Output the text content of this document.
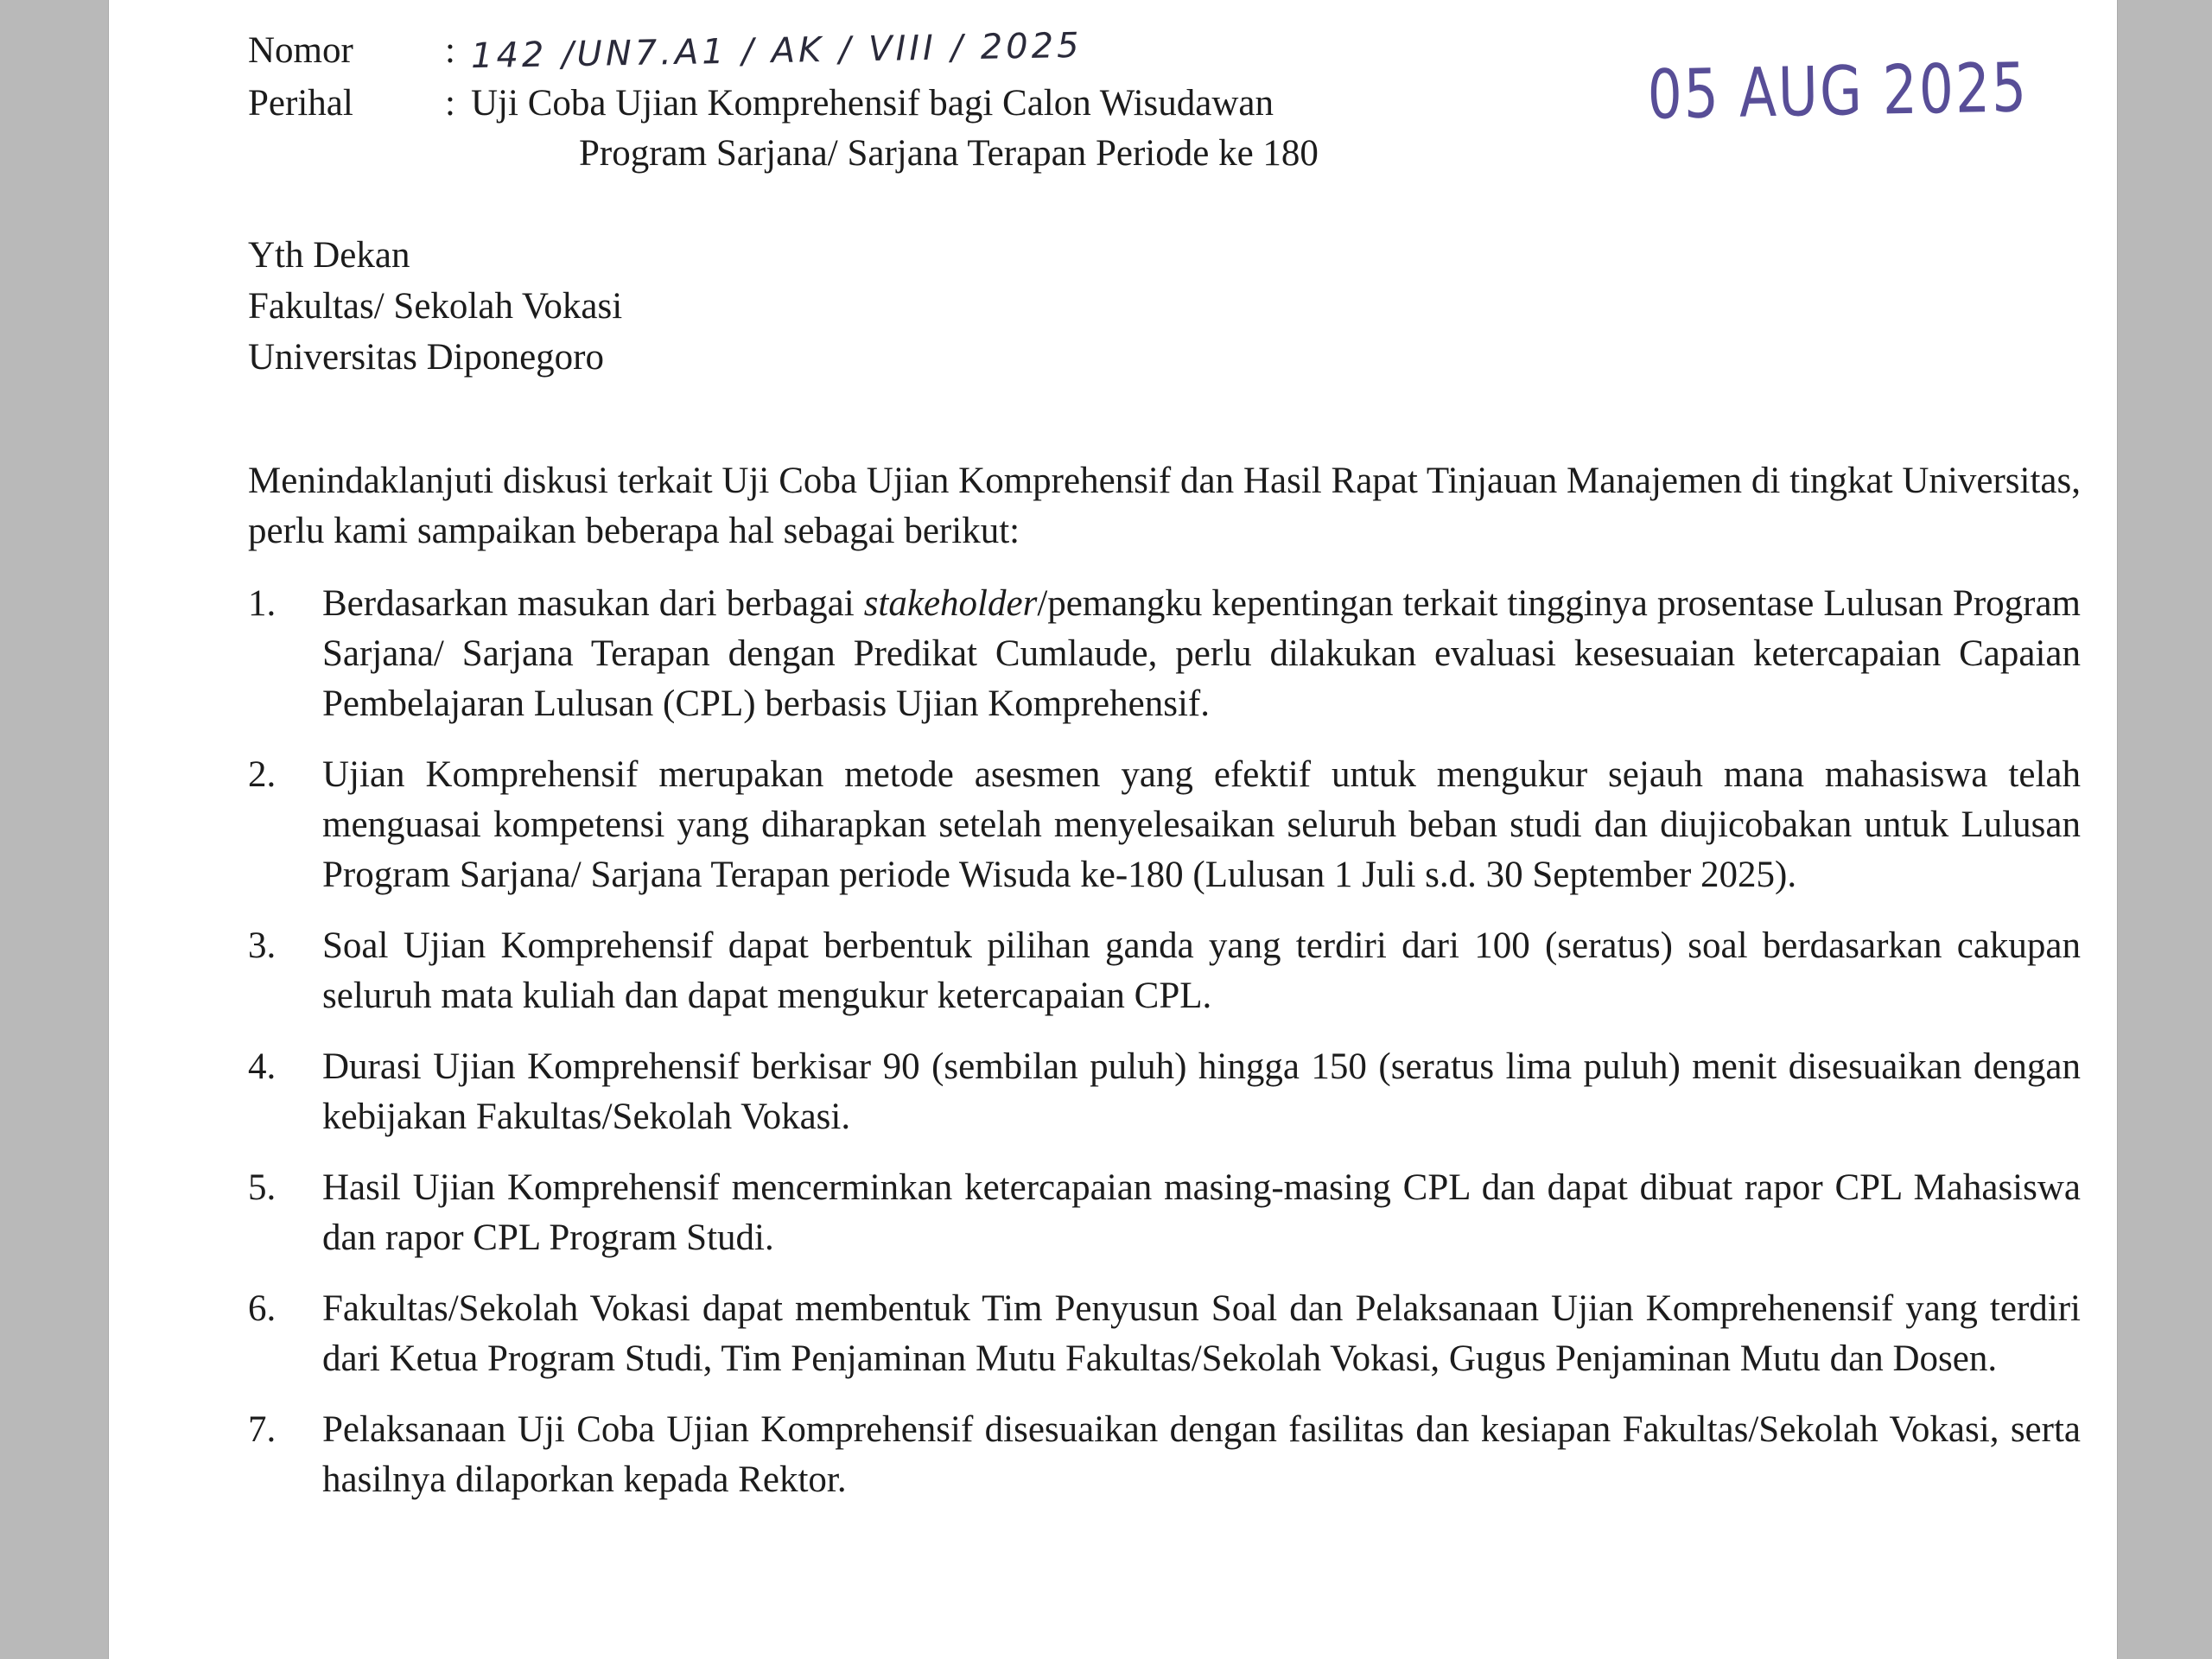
Nomor : 142 /UN7.A1 / AK / VIII / 2025
Perihal : Uji Coba Ujian Komprehensif bagi Calon Wisudawan
Program Sarjana/ Sarjana Terapan Periode ke 180
05 AUG 2025
Yth Dekan
Fakultas/ Sekolah Vokasi
Universitas Diponegoro
Menindaklanjuti diskusi terkait Uji Coba Ujian Komprehensif dan Hasil Rapat Tinjauan Manajemen di tingkat Universitas, perlu kami sampaikan beberapa hal sebagai berikut:
1.	Berdasarkan masukan dari berbagai stakeholder/pemangku kepentingan terkait tingginya prosentase Lulusan Program Sarjana/ Sarjana Terapan dengan Predikat Cumlaude, perlu dilakukan evaluasi kesesuaian ketercapaian Capaian Pembelajaran Lulusan (CPL) berbasis Ujian Komprehensif.
2.	Ujian Komprehensif merupakan metode asesmen yang efektif untuk mengukur sejauh mana mahasiswa telah menguasai kompetensi yang diharapkan setelah menyelesaikan seluruh beban studi dan diujicobakan untuk Lulusan Program Sarjana/ Sarjana Terapan periode Wisuda ke-180 (Lulusan 1 Juli s.d. 30 September 2025).
3.	Soal Ujian Komprehensif dapat berbentuk pilihan ganda yang terdiri dari 100 (seratus) soal berdasarkan cakupan seluruh mata kuliah dan dapat mengukur ketercapaian CPL.
4.	Durasi Ujian Komprehensif berkisar 90 (sembilan puluh) hingga 150 (seratus lima puluh) menit disesuaikan dengan kebijakan Fakultas/Sekolah Vokasi.
5.	Hasil Ujian Komprehensif mencerminkan ketercapaian masing-masing CPL dan dapat dibuat rapor CPL Mahasiswa dan rapor CPL Program Studi.
6.	Fakultas/Sekolah Vokasi dapat membentuk Tim Penyusun Soal dan Pelaksanaan Ujian Komprehenensif yang terdiri dari Ketua Program Studi, Tim Penjaminan Mutu Fakultas/Sekolah Vokasi, Gugus Penjaminan Mutu dan Dosen.
7.	Pelaksanaan Uji Coba Ujian Komprehensif disesuaikan dengan fasilitas dan kesiapan Fakultas/Sekolah Vokasi, serta hasilnya dilaporkan kepada Rektor.
